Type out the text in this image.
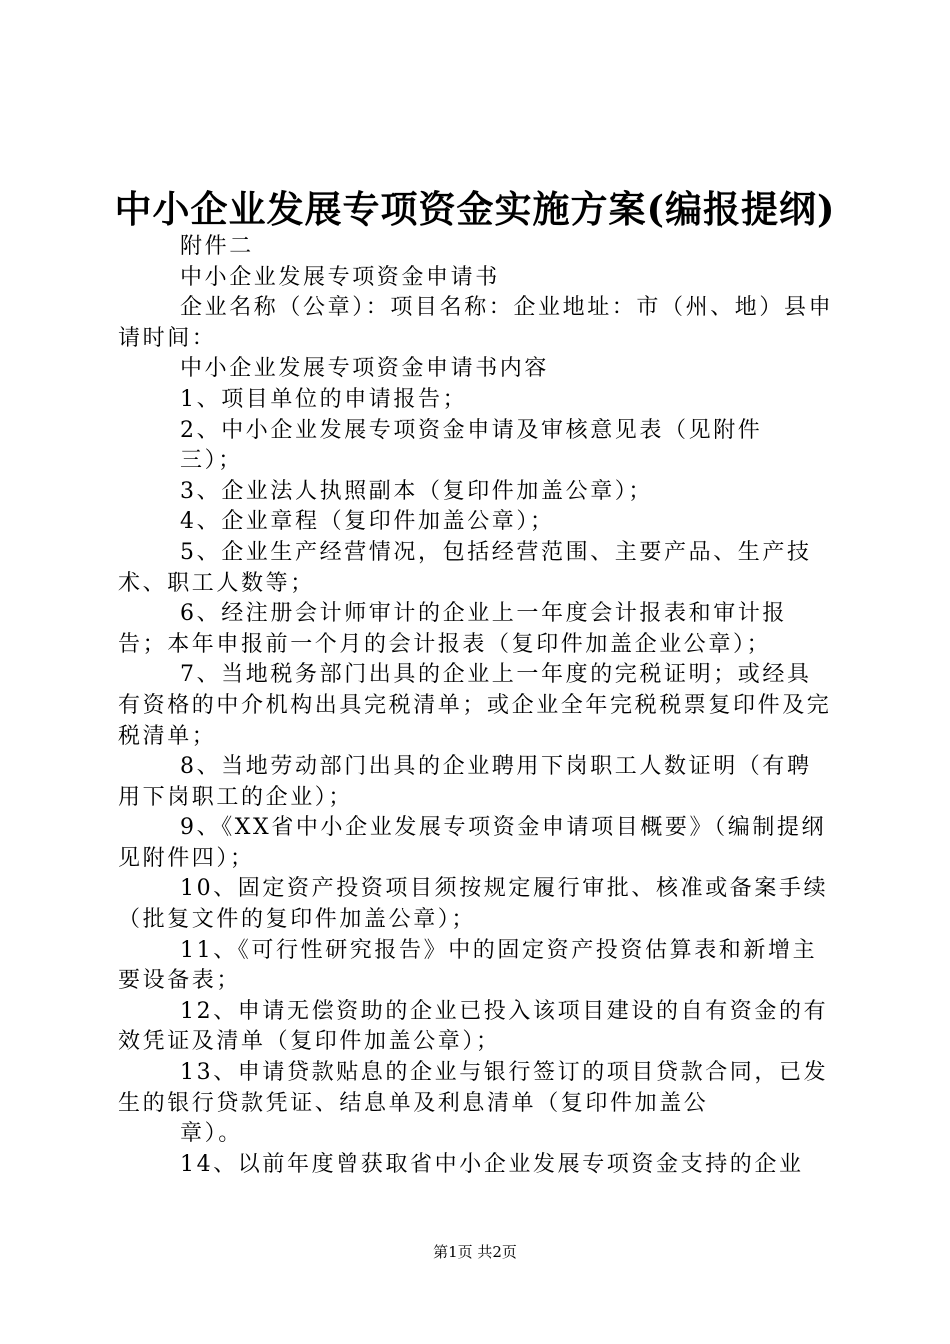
中小企业发展专项资金实施方案(编报提纲)

附件二

中小企业发展专项资金申请书

企业名称（公章）：项目名称：企业地址：市（州、地）县申请时间：

中小企业发展专项资金申请书内容

1、项目单位的申请报告；

2、中小企业发展专项资金申请及审核意见表（见附件

三）；

3、企业法人执照副本（复印件加盖公章）；

4、企业章程（复印件加盖公章）；

5、企业生产经营情况，包括经营范围、主要产品、生产技术、职工人数等；

6、经注册会计师审计的企业上一年度会计报表和审计报告；本年申报前一个月的会计报表（复印件加盖企业公章）；

7、当地税务部门出具的企业上一年度的完税证明；或经具有资格的中介机构出具完税清单；或企业全年完税税票复印件及完税清单；

8、当地劳动部门出具的企业聘用下岗职工人数证明（有聘用下岗职工的企业）；

9、《XX省中小企业发展专项资金申请项目概要》（编制提纲见附件四）；

10、固定资产投资项目须按规定履行审批、核准或备案手续（批复文件的复印件加盖公章）；

11、《可行性研究报告》中的固定资产投资估算表和新增主要设备表；

12、申请无偿资助的企业已投入该项目建设的自有资金的有效凭证及清单（复印件加盖公章）；

13、申请贷款贴息的企业与银行签订的项目贷款合同，已发生的银行贷款凭证、结息单及利息清单（复印件加盖公

章）。

14、以前年度曾获取省中小企业发展专项资金支持的企业

第1页 共2页
